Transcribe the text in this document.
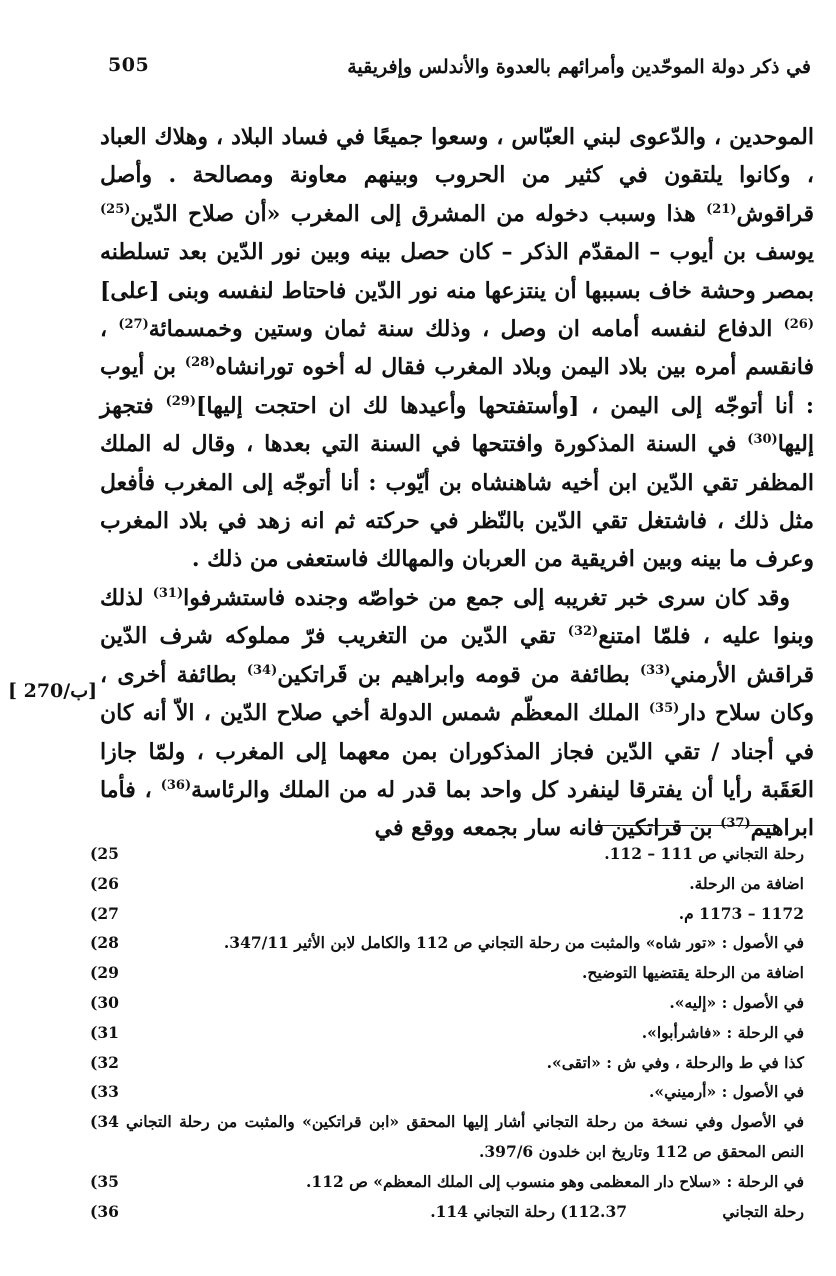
505	في ذكر دولة الموحّدين وأمرائهم بالعدوة والأندلس وإفريقية

الموحدين ، والدّعوى لبني العبّاس ، وسعوا جميعًا في فساد البلاد ، وهلاك العباد ، وكانوا يلتقون في كثير من الحروب وبينهم معاونة ومصالحة . وأصل قراقوش$^{(21)}$ هذا وسبب دخوله من المشرق إلى المغرب «أن صلاح الدّين$^{(25)}$ يوسف بن أيوب – المقدّم الذكر – كان حصل بينه وبين نور الدّين بعد تسلطنه بمصر وحشة خاف بسببها أن ينتزعها منه نور الدّين فاحتاط لنفسه وبنى [على]$^{(26)}$ الدفاع لنفسه أمامه ان وصل ، وذلك سنة ثمان وستين وخمسمائة$^{(27)}$ ، فانقسم أمره بين بلاد اليمن وبلاد المغرب فقال له أخوه تورانشاه$^{(28)}$ بن أيوب : أنا أتوجّه إلى اليمن ، [وأستفتحها وأعيدها لك ان احتجت إليها]$^{(29)}$ فتجهز إليها$^{(30)}$ في السنة المذكورة وافتتحها في السنة التي بعدها ، وقال له الملك المظفر تقي الدّين ابن أخيه شاهنشاه بن أيّوب : أنا أتوجّه إلى المغرب فأفعل مثل ذلك ، فاشتغل تقي الدّين بالنّظر في حركته ثم انه زهد في بلاد المغرب وعرف ما بينه وبين افريقية من العربان والمهالك فاستعفى من ذلك .

وقد كان سرى خبر تغريبه إلى جمع من خواصّه وجنده فاستشرفوا$^{(31)}$ لذلك وبنوا عليه ، فلمّا امتنع$^{(32)}$ تقي الدّين من التغريب فرّ مملوكه شرف الدّين قراقش الأرمني$^{(33)}$ بطائفة من قومه وابراهيم بن قَراتكين$^{(34)}$ بطائفة أخرى ، وكان سلاح دار$^{(35)}$ الملك المعظّم شمس الدولة أخي صلاح الدّين ، الاّ أنه كان في أجناد / تقي الدّين فجاز المذكوران بمن معهما إلى المغرب ، ولمّا جازا العَقَبة رأيا أن يفترقا لينفرد كل واحد بما قدر له من الملك والرئاسة$^{(36)}$ ، فأما ابراهيم$^{(37)}$ بن قراتكين فانه سار بجمعه ووقع في

[ 270/ب]
رحلة التجاني ص 111 – 112.
25)
اضافة من الرحلة.
26)
1172 – 1173 م.
27)
في الأصول : «تور شاه» والمثبت من رحلة التجاني ص 112 والكامل لابن الأثير 347/11.
28)
اضافة من الرحلة يقتضيها التوضيح.
29)
في الأصول : «إليه».
30)
في الرحلة : «فاشرأبوا».
31)
كذا في ط والرحلة ، وفي ش : «اتقى».
32)
في الأصول : «أرميني».
33)
في الأصول وفي نسخة من رحلة التجاني أشار إليها المحقق «ابن قراتكين» والمثبت من رحلة التجاني النص المحقق ص 112 وتاريخ ابن خلدون 397/6.
34)
في الرحلة : «سلاح دار المعظمى وهو منسوب إلى الملك المعظم» ص 112.
35)
رحلة التجاني 112.37) رحلة التجاني 114.
36)
